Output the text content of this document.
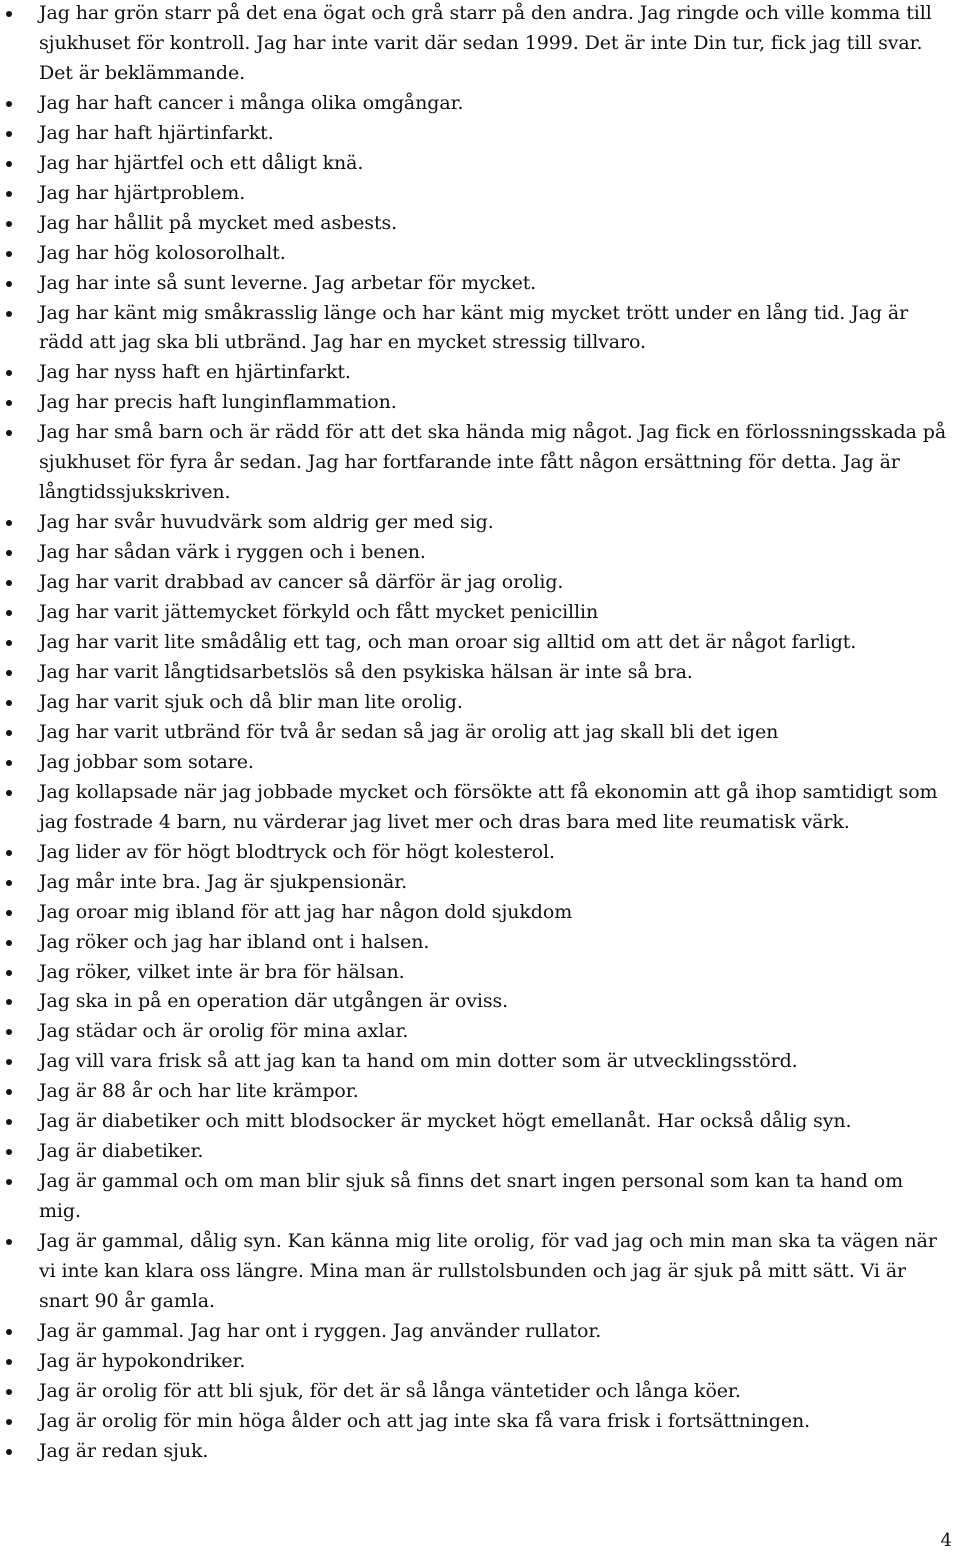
Jag har grön starr på det ena ögat och grå starr på den andra. Jag ringde och ville komma till sjukhuset för kontroll. Jag har inte varit där sedan 1999. Det är inte Din tur, fick jag till svar. Det är beklämmande.
Jag har haft cancer i många olika omgångar.
Jag har haft hjärtinfarkt.
Jag har hjärtfel och ett dåligt knä.
Jag har hjärtproblem.
Jag har hållit på mycket med asbests.
Jag har hög kolosorolhalt.
Jag har inte så sunt leverne. Jag arbetar för mycket.
Jag har känt mig småkrasslig länge och har känt mig mycket trött under en lång tid. Jag är rädd att jag ska bli utbränd. Jag har en mycket stressig tillvaro.
Jag har nyss haft en hjärtinfarkt.
Jag har precis haft lunginflammation.
Jag har små barn och är rädd för att det ska hända mig något. Jag fick en förlossningsskada på sjukhuset för fyra år sedan. Jag har fortfarande inte fått någon ersättning för detta. Jag är långtidssjukskriven.
Jag har svår huvudvärk som aldrig ger med sig.
Jag har sådan värk i ryggen och i benen.
Jag har varit drabbad av cancer så därför är jag orolig.
Jag har varit jättemycket förkyld och fått mycket penicillin
Jag har varit lite smådålig ett tag, och man oroar sig alltid om att det är något farligt.
Jag har varit långtidsarbetslös så den psykiska hälsan är inte så bra.
Jag har varit sjuk och då blir man lite orolig.
Jag har varit utbränd för två år sedan så jag är orolig att jag skall bli det igen
Jag jobbar som sotare.
Jag kollapsade när jag jobbade mycket och försökte att få ekonomin att gå ihop samtidigt som jag fostrade 4 barn, nu värderar jag livet mer och dras bara med lite reumatisk värk.
Jag lider av för högt blodtryck och för högt kolesterol.
Jag mår inte bra. Jag är sjukpensionär.
Jag oroar mig ibland för att jag har någon dold sjukdom
Jag röker och jag har ibland ont i halsen.
Jag röker, vilket inte är bra för hälsan.
Jag ska in på en operation där utgången är oviss.
Jag städar och är orolig för mina axlar.
Jag vill vara frisk så att jag kan ta hand om min dotter som är utvecklingsstörd.
Jag är 88 år och har lite krämpor.
Jag är diabetiker och mitt blodsocker är mycket högt emellanåt. Har också dålig syn.
Jag är diabetiker.
Jag är gammal och om man blir sjuk så finns det snart ingen personal som kan ta hand om mig.
Jag är gammal, dålig syn. Kan känna mig lite orolig, för vad jag och min man ska ta vägen när vi inte kan klara oss längre. Mina man är rullstolsbunden och jag är sjuk på mitt sätt. Vi är snart 90 år gamla.
Jag är gammal. Jag har ont i ryggen. Jag använder rullator.
Jag är hypokondriker.
Jag är orolig för att bli sjuk, för det är så långa väntetider och långa köer.
Jag är orolig för min höga ålder och att jag inte ska få vara frisk i fortsättningen.
Jag är redan sjuk.
4
